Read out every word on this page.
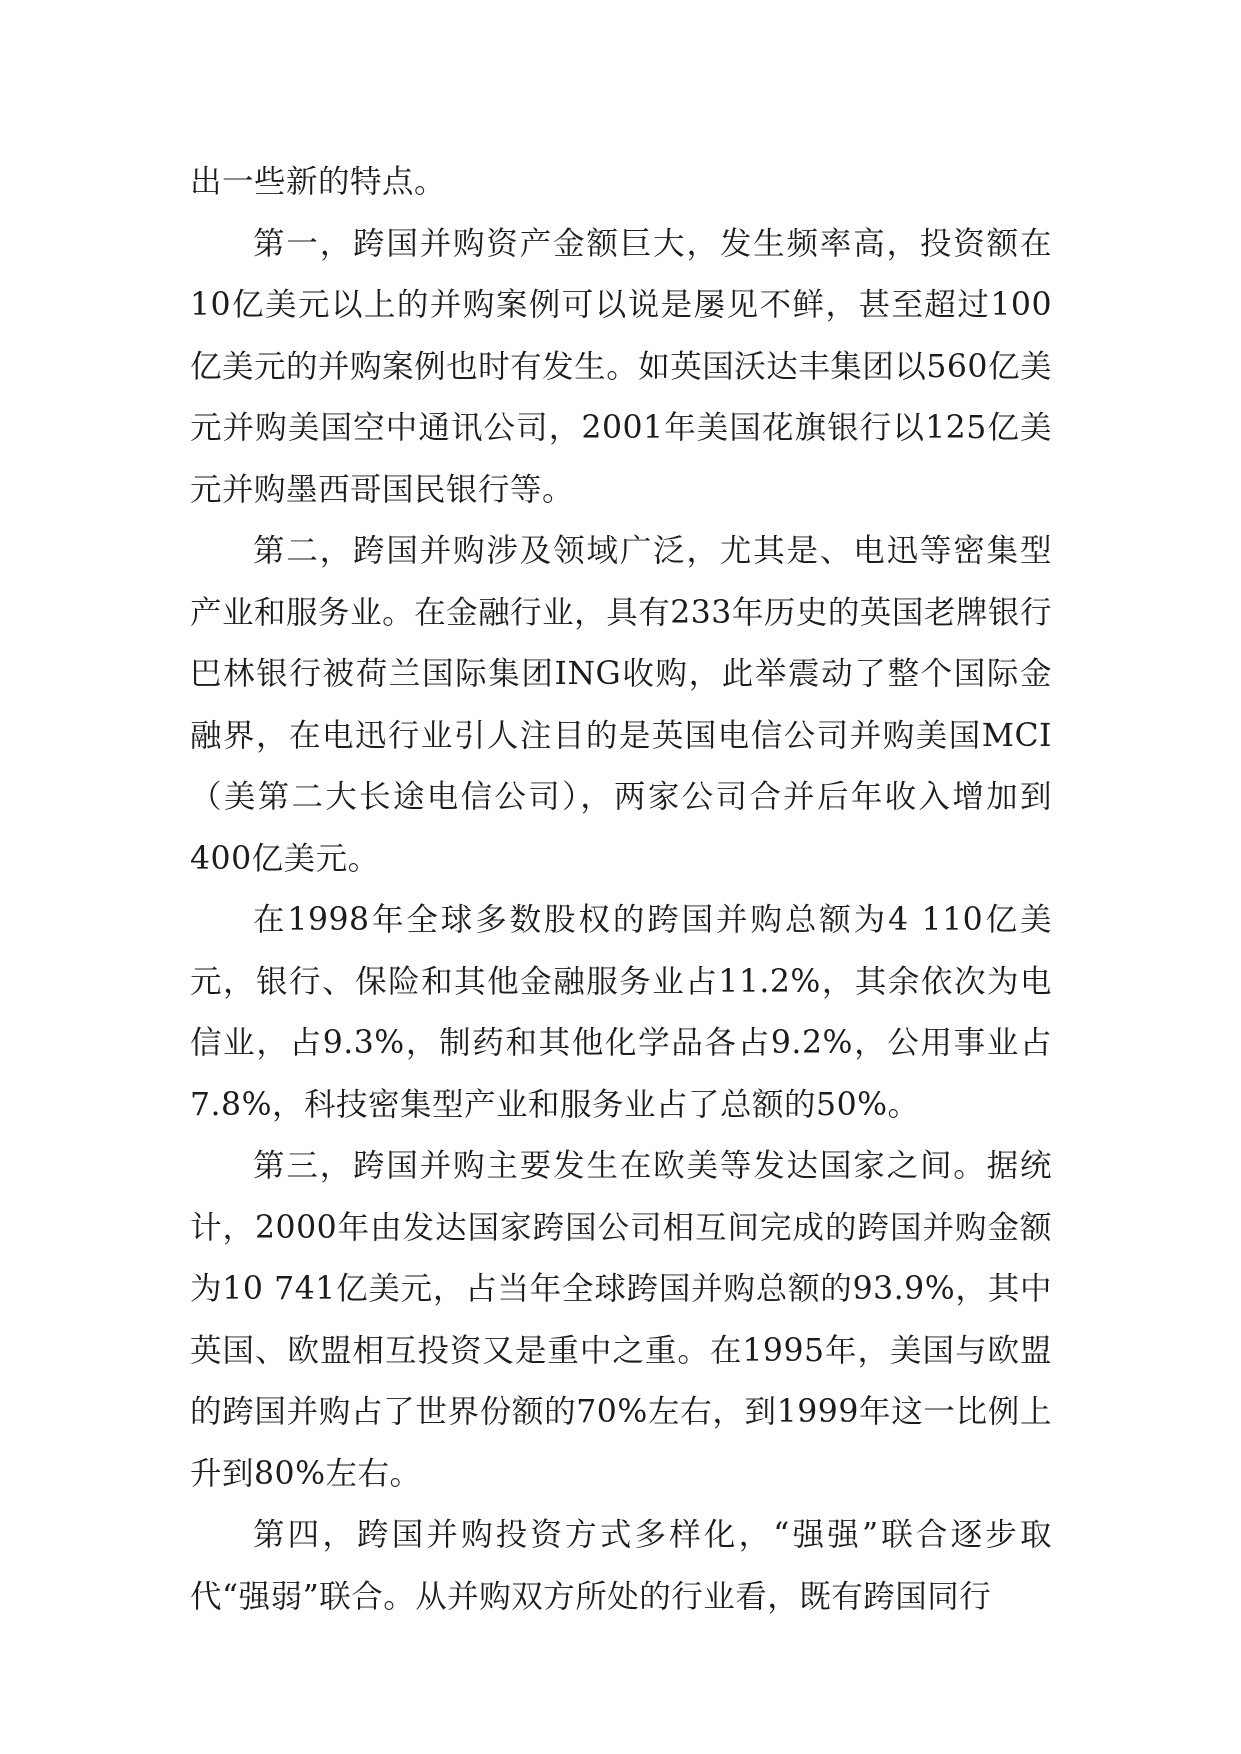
出一些新的特点。

第一，跨国并购资产金额巨大，发生频率高，投资额在10亿美元以上的并购案例可以说是屡见不鲜，甚至超过100亿美元的并购案例也时有发生。如英国沃达丰集团以560亿美元并购美国空中通讯公司，2001年美国花旗银行以125亿美元并购墨西哥国民银行等。

第二，跨国并购涉及领域广泛，尤其是、电迅等密集型产业和服务业。在金融行业，具有233年历史的英国老牌银行巴林银行被荷兰国际集团ING收购，此举震动了整个国际金融界，在电迅行业引人注目的是英国电信公司并购美国MCI（美第二大长途电信公司），两家公司合并后年收入增加到400亿美元。

在1998年全球多数股权的跨国并购总额为4 110亿美元，银行、保险和其他金融服务业占11.2%，其余依次为电信业，占9.3%，制药和其他化学品各占9.2%，公用事业占7.8%，科技密集型产业和服务业占了总额的50%。

第三，跨国并购主要发生在欧美等发达国家之间。据统计，2000年由发达国家跨国公司相互间完成的跨国并购金额为10 741亿美元，占当年全球跨国并购总额的93.9%，其中英国、欧盟相互投资又是重中之重。在1995年，美国与欧盟的跨国并购占了世界份额的70%左右，到1999年这一比例上升到80%左右。

第四，跨国并购投资方式多样化，“强强”联合逐步取代“强弱”联合。从并购双方所处的行业看，既有跨国同行
